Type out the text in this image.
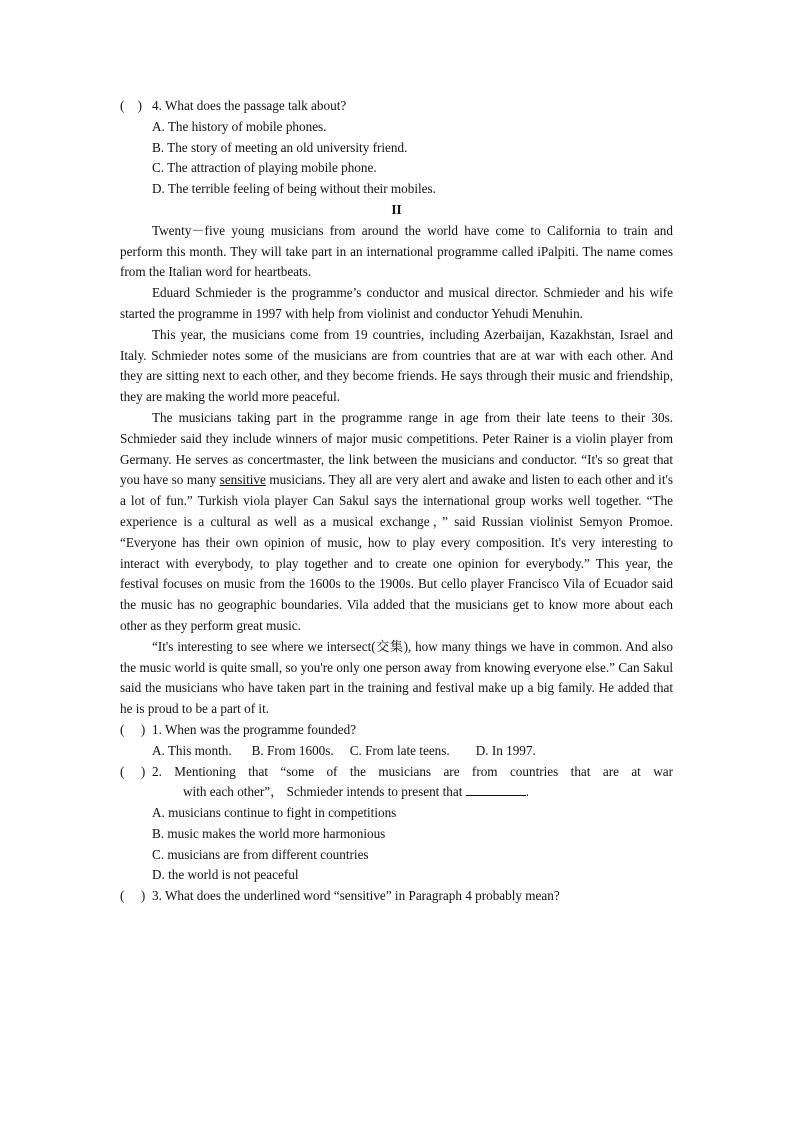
( ) 4. What does the passage talk about?
A. The history of mobile phones.
B. The story of meeting an old university friend.
C. The attraction of playing mobile phone.
D. The terrible feeling of being without their mobiles.
II
Twenty－five young musicians from around the world have come to California to train and perform this month. They will take part in an international programme called iPalpiti. The name comes from the Italian word for heartbeats.
Eduard Schmieder is the programme’s conductor and musical director. Schmieder and his wife started the programme in 1997 with help from violinist and conductor Yehudi Menuhin.
This year, the musicians come from 19 countries, including Azerbaijan, Kazakhstan, Israel and Italy. Schmieder notes some of the musicians are from countries that are at war with each other. And they are sitting next to each other, and they become friends. He says through their music and friendship, they are making the world more peaceful.
The musicians taking part in the programme range in age from their late teens to their 30s. Schmieder said they include winners of major music competitions. Peter Rainer is a violin player from Germany. He serves as concertmaster, the link between the musicians and conductor. “It's so great that you have so many sensitive musicians. They all are very alert and awake and listen to each other and it's a lot of fun.” Turkish viola player Can Sakul says the international group works well together. “The experience is a cultural as well as a musical exchange，” said Russian violinist Semyon Promoe. “Everyone has their own opinion of music, how to play every composition. It's very interesting to interact with everybody, to play together and to create one opinion for everybody.” This year, the festival focuses on music from the 1600s to the 1900s. But cello player Francisco Vila of Ecuador said the music has no geographic boundaries. Vila added that the musicians get to know more about each other as they perform great music.
“It's interesting to see where we intersect(交集), how many things we have in common. And also the music world is quite small, so you're only one person away from knowing everyone else.” Can Sakul said the musicians who have taken part in the training and festival make up a big family. He added that he is proud to be a part of it.
(     ) 1. When was the programme founded?
A. This month. B. From 1600s. C. From late teens. D. In 1997.
(     ) 2. Mentioning that “some of the musicians are from countries that are at war
with each other”， Schmieder intends to present that	.
A. musicians continue to fight in competitions
B. music makes the world more harmonious
C. musicians are from different countries
D. the world is not peaceful
(     ) 3. What does the underlined word “sensitive” in Paragraph 4 probably mean?
